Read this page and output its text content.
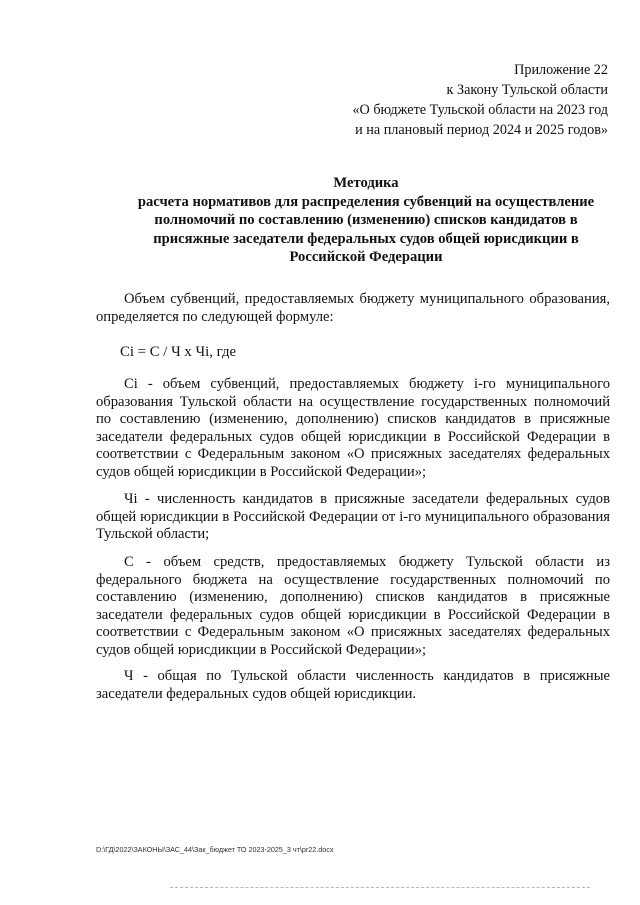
Приложение 22
к Закону Тульской области
«О бюджете Тульской области на 2023 год
и на плановый период 2024 и 2025 годов»
Методика
расчета нормативов для распределения субвенций на осуществление
полномочий по составлению (изменению) списков кандидатов в
присяжные заседатели федеральных судов общей юрисдикции в
Российской Федерации

Объем субвенций, предоставляемых бюджету муниципального образования, определяется по следующей формуле:

Ci = С / Ч х Чi, где

Ci - объем субвенций, предоставляемых бюджету i-го муниципального образования Тульской области на осуществление государственных полномочий по составлению (изменению, дополнению) списков кандидатов в присяжные заседатели федеральных судов общей юрисдикции в Российской Федерации в соответствии с Федеральным законом «О присяжных заседателях федеральных судов общей юрисдикции в Российской Федерации»;

Чi - численность кандидатов в присяжные заседатели федеральных судов общей юрисдикции в Российской Федерации от i-го муниципального образования Тульской области;

С - объем средств, предоставляемых бюджету Тульской области из федерального бюджета на осуществление государственных полномочий по составлению (изменению, дополнению) списков кандидатов в присяжные заседатели федеральных судов общей юрисдикции в Российской Федерации в соответствии с Федеральным законом «О присяжных заседателях федеральных судов общей юрисдикции в Российской Федерации»;

Ч - общая по Тульской области численность кандидатов в присяжные заседатели федеральных судов общей юрисдикции.

D:\ГД\2022\ЗАКОНЫ\ЗАС_44\Зак_бюджет ТО 2023-2025_3 чт\pr22.docx
